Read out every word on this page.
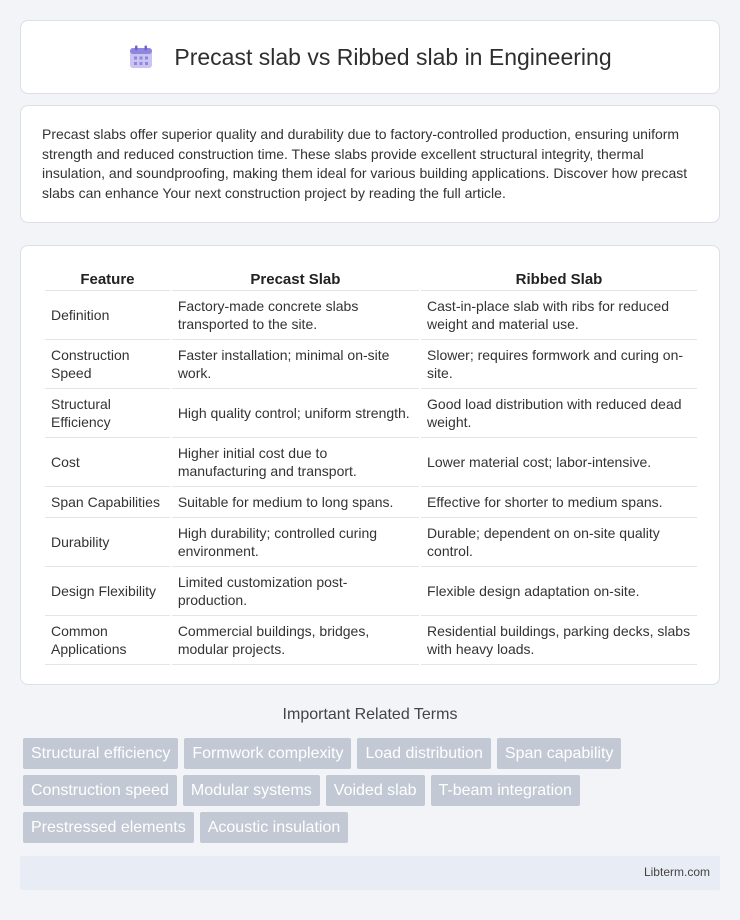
Precast slab vs Ribbed slab in Engineering

Precast slabs offer superior quality and durability due to factory-controlled production, ensuring uniform strength and reduced construction time. These slabs provide excellent structural integrity, thermal insulation, and soundproofing, making them ideal for various building applications. Discover how precast slabs can enhance Your next construction project by reading the full article.

Feature	Precast Slab	Ribbed Slab
Definition	Factory-made concrete slabs transported to the site.	Cast-in-place slab with ribs for reduced weight and material use.
Construction Speed	Faster installation; minimal on-site work.	Slower; requires formwork and curing on-site.
Structural Efficiency	High quality control; uniform strength.	Good load distribution with reduced dead weight.
Cost	Higher initial cost due to manufacturing and transport.	Lower material cost; labor-intensive.
Span Capabilities	Suitable for medium to long spans.	Effective for shorter to medium spans.
Durability	High durability; controlled curing environment.	Durable; dependent on on-site quality control.
Design Flexibility	Limited customization post-production.	Flexible design adaptation on-site.
Common Applications	Commercial buildings, bridges, modular projects.	Residential buildings, parking decks, slabs with heavy loads.
Important Related Terms
Structural efficiency	Formwork complexity	Load distribution	Span capability
Construction speed	Modular systems	Voided slab	T-beam integration
Prestressed elements	Acoustic insulation
Libterm.com
